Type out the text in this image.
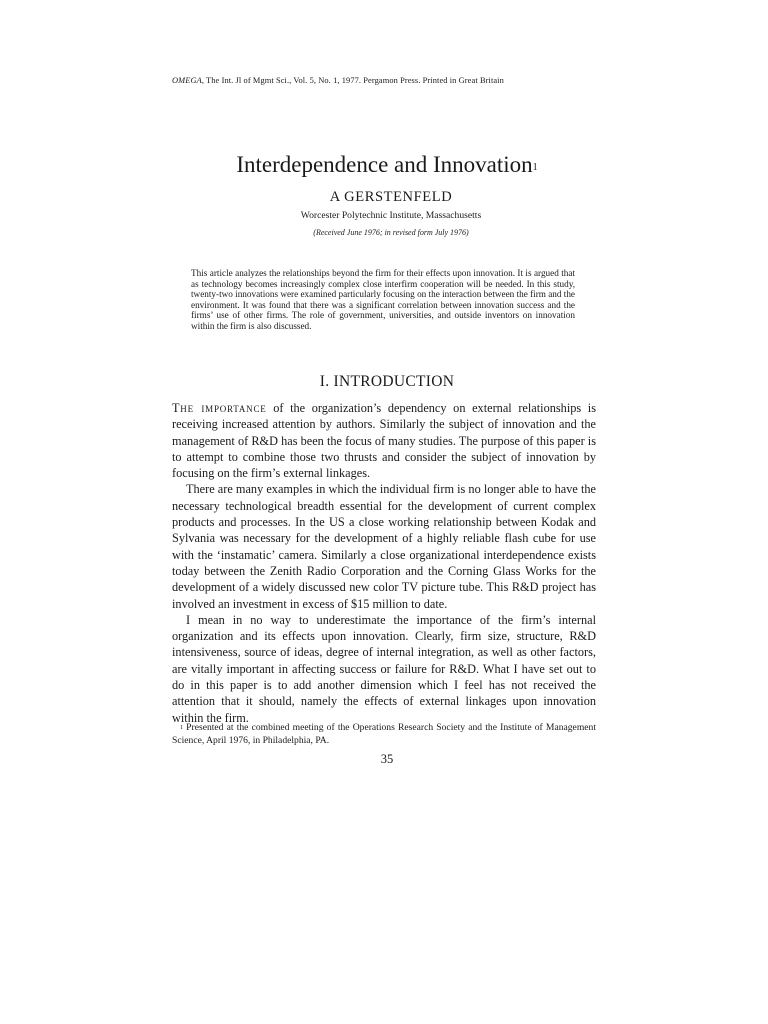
OMEGA, The Int. Jl of Mgmt Sci., Vol. 5, No. 1, 1977. Pergamon Press. Printed in Great Britain
Interdependence and Innovation$^1$
A GERSTENFELD
Worcester Polytechnic Institute, Massachusetts
(Received June 1976; in revised form July 1976)

This article analyzes the relationships beyond the firm for their effects upon innovation. It is argued that as technology becomes increasingly complex close interfirm cooperation will be needed. In this study, twenty-two innovations were examined particularly focusing on the interaction between the firm and the environment. It was found that there was a significant correlation between innovation success and the firms’ use of other firms. The role of government, universities, and outside inventors on innovation within the firm is also discussed.

I. INTRODUCTION

The importance of the organization’s dependency on external relationships is receiving increased attention by authors. Similarly the subject of innovation and the management of R&D has been the focus of many studies. The purpose of this paper is to attempt to combine those two thrusts and consider the subject of innovation by focusing on the firm’s external linkages.

There are many examples in which the individual firm is no longer able to have the necessary technological breadth essential for the development of current complex products and processes. In the US a close working relationship between Kodak and Sylvania was necessary for the development of a highly reliable flash cube for use with the ‘instamatic’ camera. Similarly a close organizational interdependence exists today between the Zenith Radio Corporation and the Corning Glass Works for the development of a widely discussed new color TV picture tube. This R&D project has involved an investment in excess of $15 million to date.

I mean in no way to underestimate the importance of the firm’s internal organization and its effects upon innovation. Clearly, firm size, structure, R&D intensiveness, source of ideas, degree of internal integration, as well as other factors, are vitally important in affecting success or failure for R&D. What I have set out to do in this paper is to add another dimension which I feel has not received the attention that it should, namely the effects of external linkages upon innovation within the firm.

$^1$ Presented at the combined meeting of the Operations Research Society and the Institute of Management Science, April 1976, in Philadelphia, PA.

35
